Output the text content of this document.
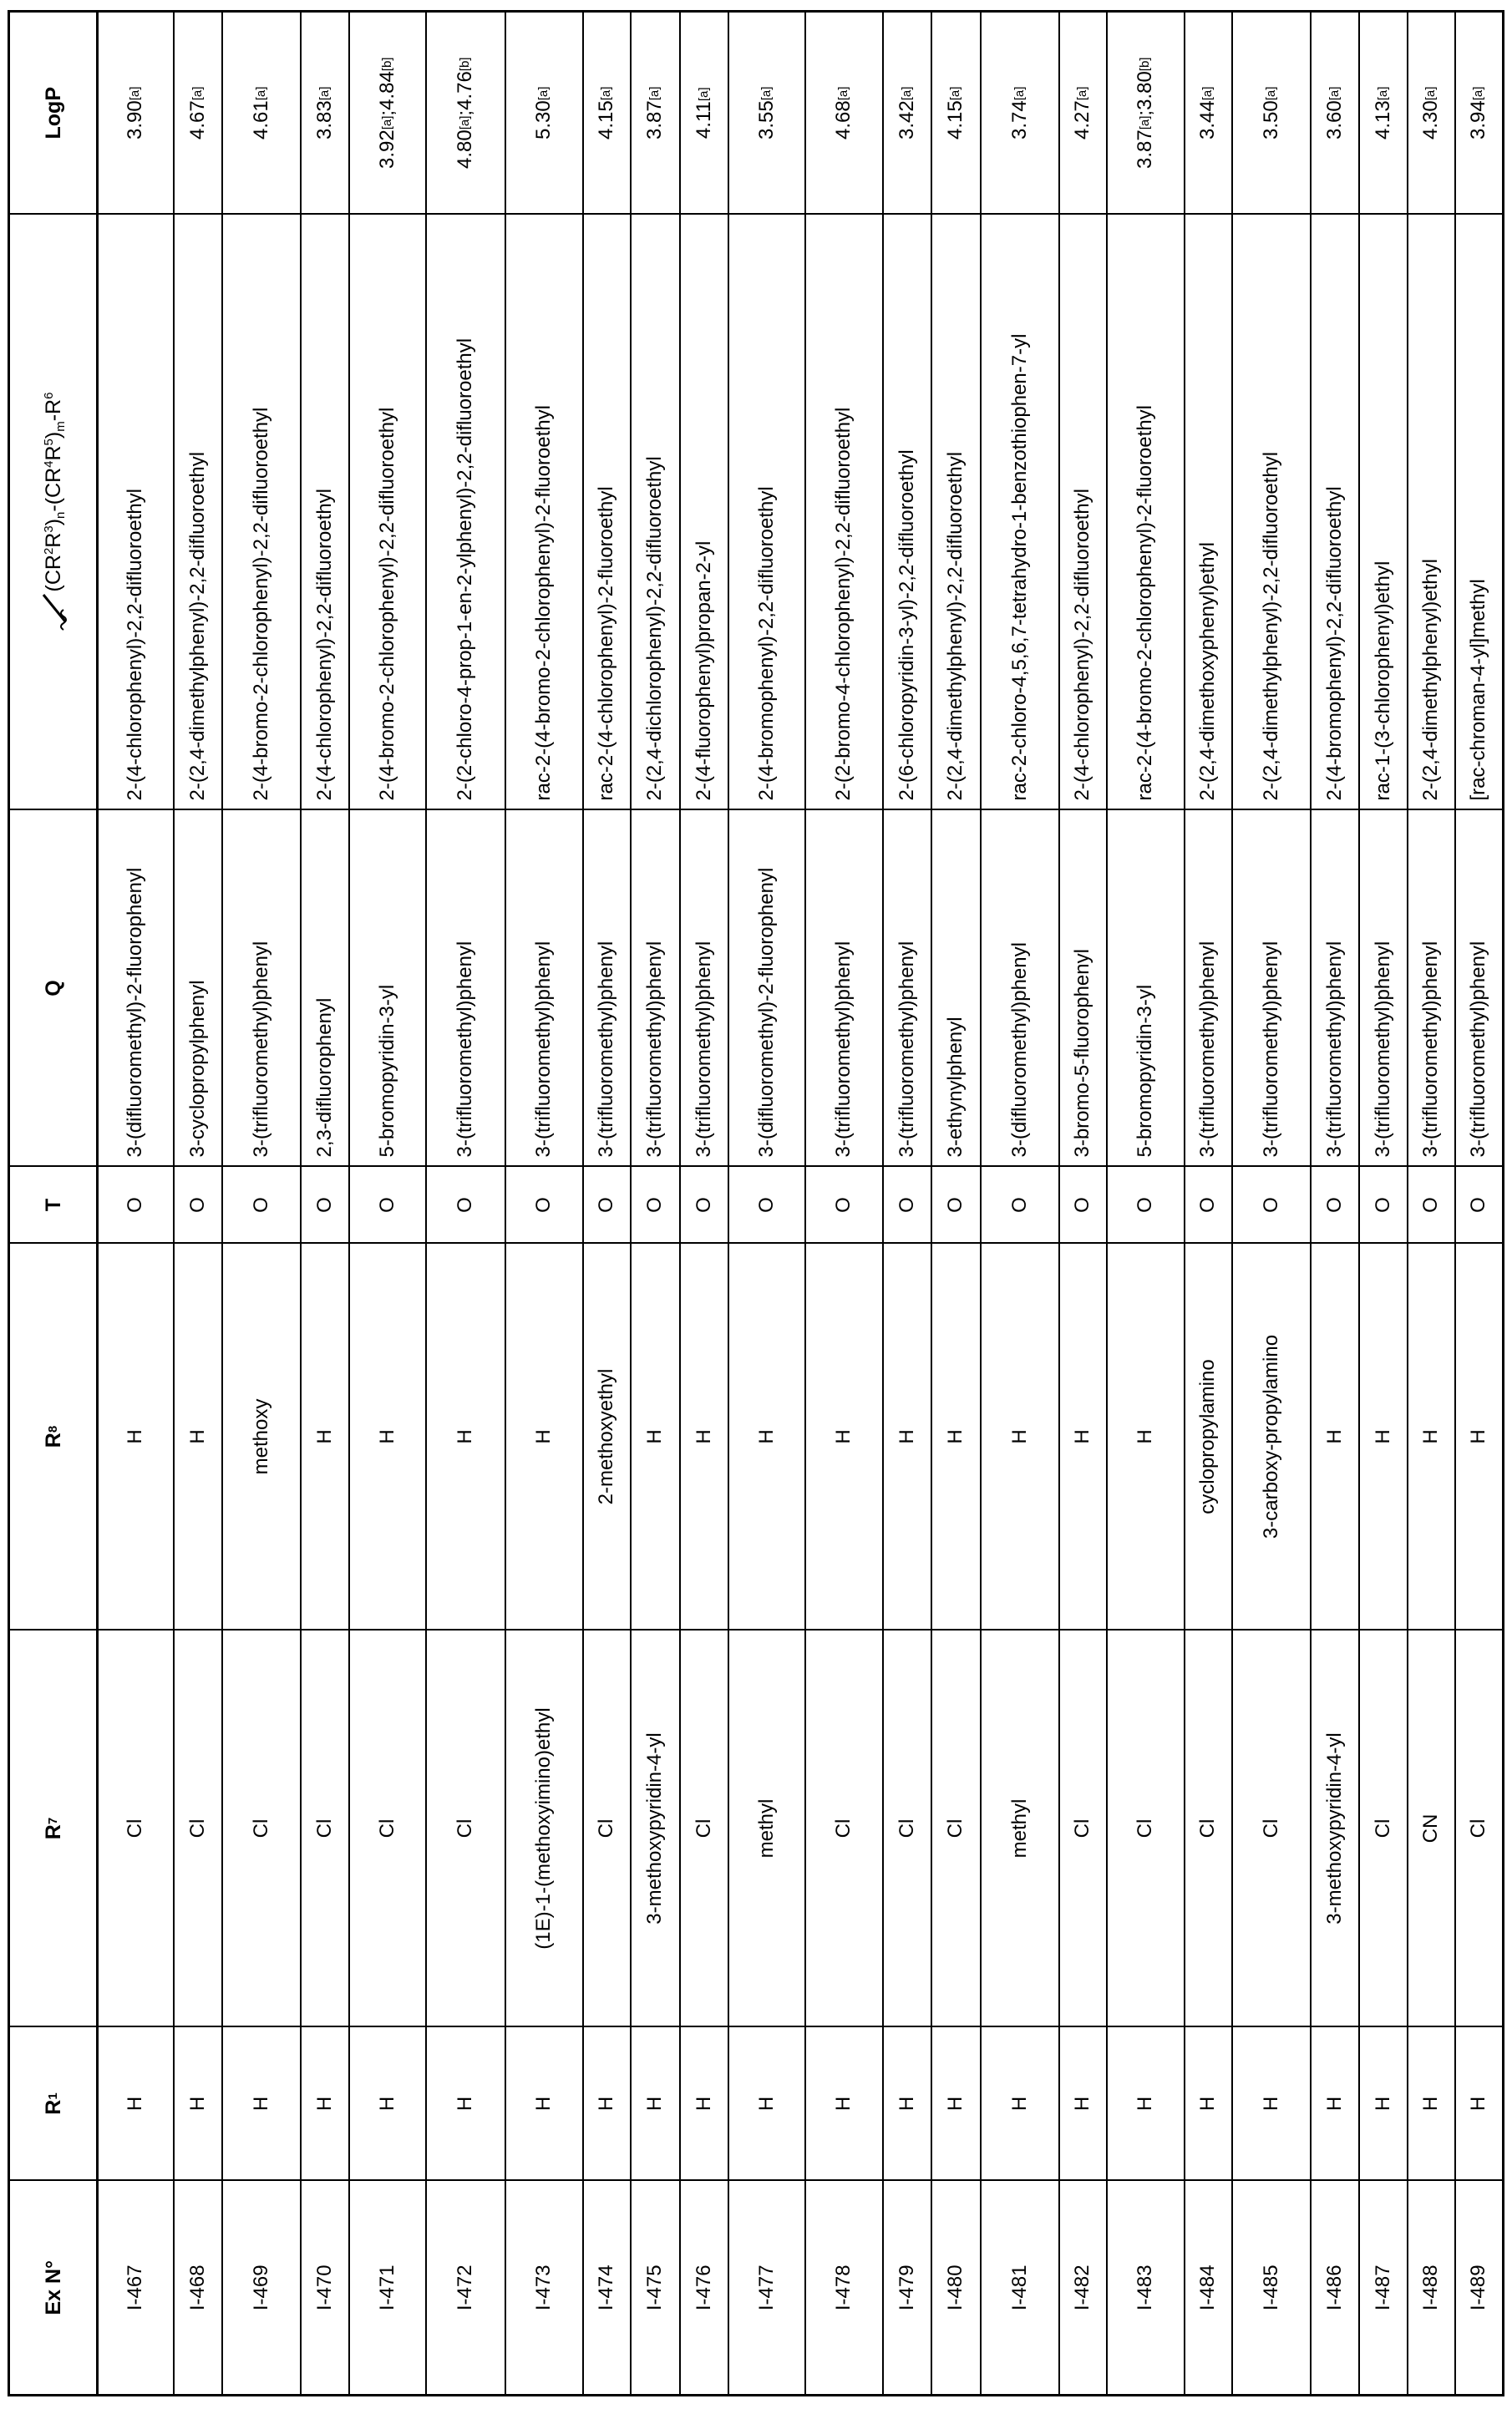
Ex N°

R
1

R
7

R
8

T

Q

(CR2R3)n-(CR4R5)m-R6

LogP

I-467

H

Cl

H

O

3-(difluoromethyl)-2-fluorophenyl

2-(4-chlorophenyl)-2,2-difluoroethyl

3.90
[a]

I-468

H

Cl

H

O

3-cyclopropylphenyl

2-(2,4-dimethylphenyl)-2,2-difluoroethyl

4.67
[a]

I-469

H

Cl

methoxy

O

3-(trifluoromethyl)phenyl

2-(4-bromo-2-chlorophenyl)-2,2-difluoroethyl

4.61
[a]

I-470

H

Cl

H

O

2,3-difluorophenyl

2-(4-chlorophenyl)-2,2-difluoroethyl

3.83
[a]

I-471

H

Cl

H

O

5-bromopyridin-3-yl

2-(4-bromo-2-chlorophenyl)-2,2-difluoroethyl

3.92
[a]
;
4.84
[b]

I-472

H

Cl

H

O

3-(trifluoromethyl)phenyl

2-(2-chloro-4-prop-1-en-2-ylphenyl)-2,2-difluoroethyl

4.80
[a]
;
4.76
[b]

I-473

H

(1E)-1-(methoxyimino)ethyl

H

O

3-(trifluoromethyl)phenyl

rac-2-(4-bromo-2-chlorophenyl)-2-fluoroethyl

5.30
[a]

I-474

H

Cl

2-methoxyethyl

O

3-(trifluoromethyl)phenyl

rac-2-(4-chlorophenyl)-2-fluoroethyl

4.15
[a]

I-475

H

3-methoxypyridin-4-yl

H

O

3-(trifluoromethyl)phenyl

2-(2,4-dichlorophenyl)-2,2-difluoroethyl

3.87
[a]

I-476

H

Cl

H

O

3-(trifluoromethyl)phenyl

2-(4-fluorophenyl)propan-2-yl

4.11
[a]

I-477

H

methyl

H

O

3-(difluoromethyl)-2-fluorophenyl

2-(4-bromophenyl)-2,2-difluoroethyl

3.55
[a]

I-478

H

Cl

H

O

3-(trifluoromethyl)phenyl

2-(2-bromo-4-chlorophenyl)-2,2-difluoroethyl

4.68
[a]

I-479

H

Cl

H

O

3-(trifluoromethyl)phenyl

2-(6-chloropyridin-3-yl)-2,2-difluoroethyl

3.42
[a]

I-480

H

Cl

H

O

3-ethynylphenyl

2-(2,4-dimethylphenyl)-2,2-difluoroethyl

4.15
[a]

I-481

H

methyl

H

O

3-(difluoromethyl)phenyl

rac-2-chloro-4,5,6,7-tetrahydro-1-benzothiophen-7-yl

3.74
[a]

I-482

H

Cl

H

O

3-bromo-5-fluorophenyl

2-(4-chlorophenyl)-2,2-difluoroethyl

4.27
[a]

I-483

H

Cl

H

O

5-bromopyridin-3-yl

rac-2-(4-bromo-2-chlorophenyl)-2-fluoroethyl

3.87
[a]
;
3.80
[b]

I-484

H

Cl

cyclopropylamino

O

3-(trifluoromethyl)phenyl

2-(2,4-dimethoxyphenyl)ethyl

3.44
[a]

I-485

H

Cl

3-carboxy-propylamino

O

3-(trifluoromethyl)phenyl

2-(2,4-dimethylphenyl)-2,2-difluoroethyl

3.50
[a]

I-486

H

3-methoxypyridin-4-yl

H

O

3-(trifluoromethyl)phenyl

2-(4-bromophenyl)-2,2-difluoroethyl

3.60
[a]

I-487

H

Cl

H

O

3-(trifluoromethyl)phenyl

rac-1-(3-chlorophenyl)ethyl

4.13
[a]

I-488

H

CN

H

O

3-(trifluoromethyl)phenyl

2-(2,4-dimethylphenyl)ethyl

4.30
[a]

I-489

H

Cl

H

O

3-(trifluoromethyl)phenyl

[rac-chroman-4-yl]methyl

3.94
[a]
